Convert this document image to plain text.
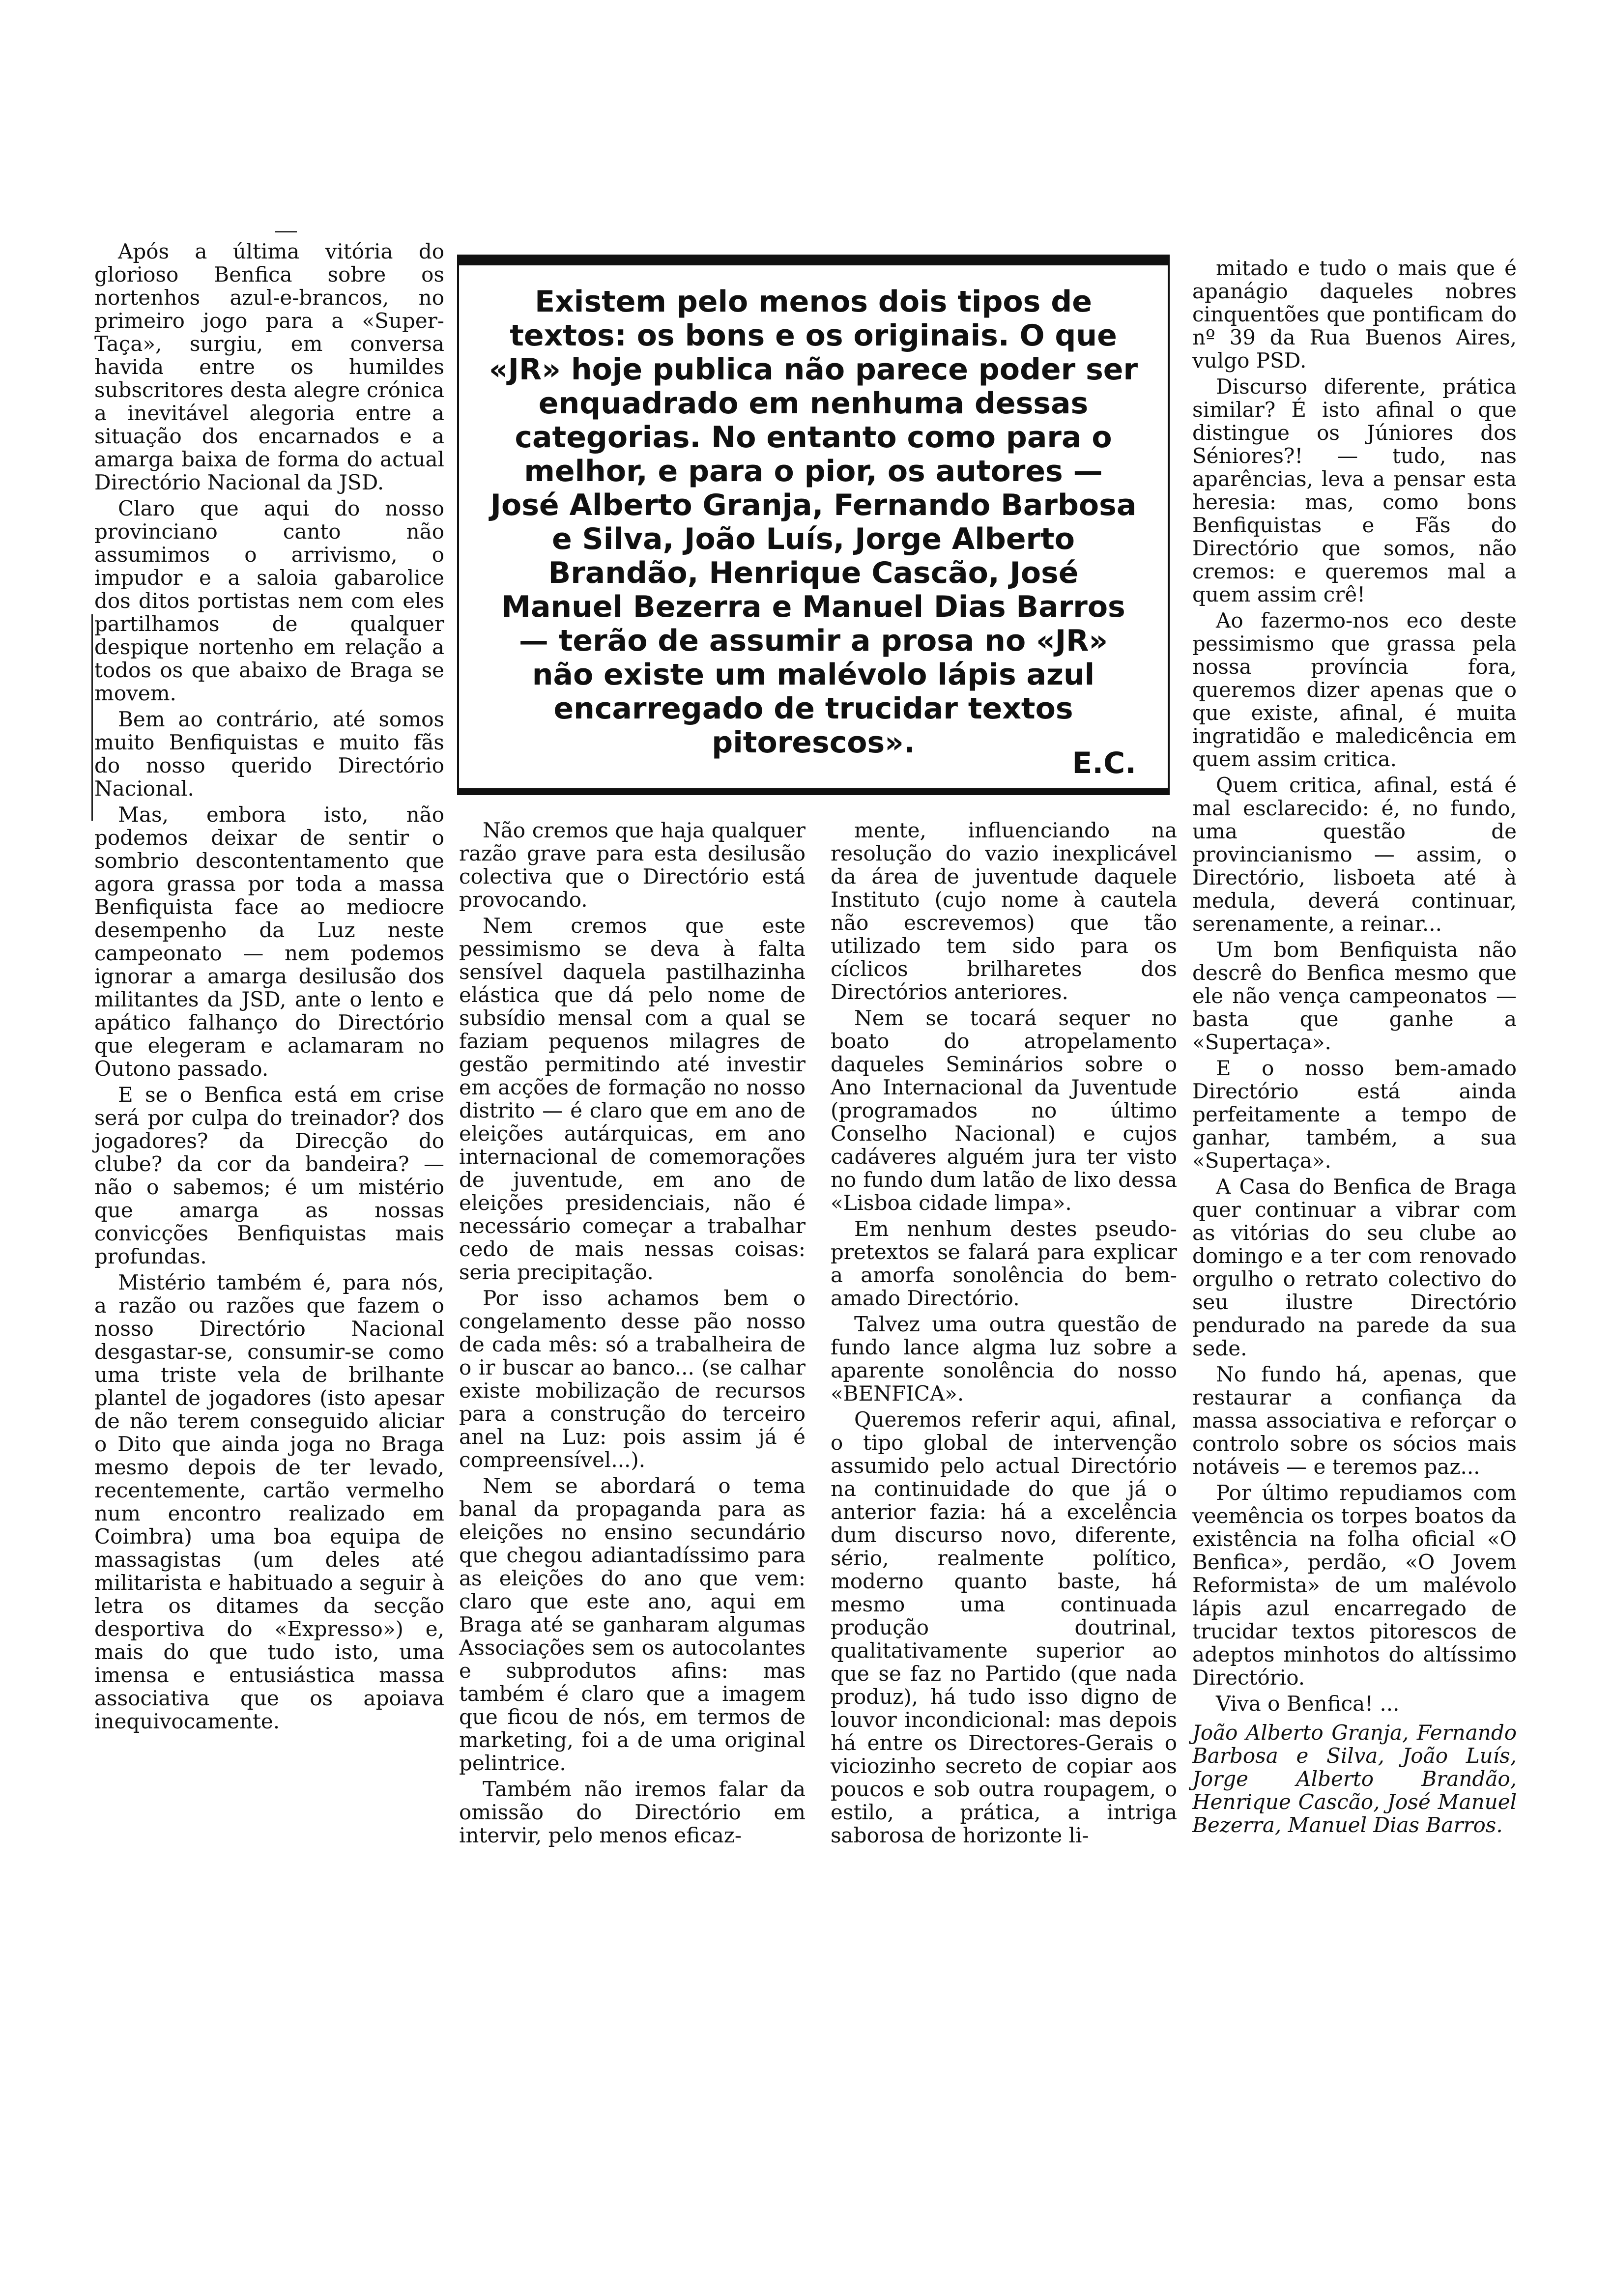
Existem pelo menos dois tipos de textos: os bons e os originais. O que «JR» hoje publica não parece poder ser enquadrado em nenhuma dessas categorias. No entanto como para o melhor, e para o pior, os autores — José Alberto Granja, Fernando Barbosa e Silva, João Luís, Jorge Alberto Brandão, Henrique Cascão, José Manuel Bezerra e Manuel Dias Barros — terão de assumir a prosa no «JR» não existe um malévolo lápis azul encarregado de trucidar textos pitorescos».

E.C.

Após a última vitória do glorioso Benfica sobre os nortenhos azul-e-brancos, no primeiro jogo para a «Super-Taça», surgiu, em conversa havida entre os humildes subscritores desta alegre crónica a inevitável alegoria entre a situação dos encarnados e a amarga baixa de forma do actual Directório Nacional da JSD.

Claro que aqui do nosso provinciano canto não assumimos o arrivismo, o impudor e a saloia gabarolice dos ditos portistas nem com eles partilhamos de qualquer despique nortenho em relação a todos os que abaixo de Braga se movem.

Bem ao contrário, até somos muito Benfiquistas e muito fãs do nosso querido Directório Nacional.

Mas, embora isto, não podemos deixar de sentir o sombrio descontentamento que agora grassa por toda a massa Benfiquista face ao mediocre desempenho da Luz neste campeonato — nem podemos ignorar a amarga desilusão dos militantes da JSD, ante o lento e apático falhanço do Directório que elegeram e aclamaram no Outono passado.

E se o Benfica está em crise será por culpa do treinador? dos jogadores? da Direcção do clube? da cor da bandeira? — não o sabemos; é um mistério que amarga as nossas convicções Benfiquistas mais profundas.

Mistério também é, para nós, a razão ou razões que fazem o nosso Directório Nacional desgastar-se, consumir-se como uma triste vela de brilhante plantel de jogadores (isto apesar de não terem conseguido aliciar o Dito que ainda joga no Braga mesmo depois de ter levado, recentemente, cartão vermelho num encontro realizado em Coimbra) uma boa equipa de massagistas (um deles até militarista e habituado a seguir à letra os ditames da secção desportiva do «Expresso») e, mais do que tudo isto, uma imensa e entusiástica massa associativa que os apoiava inequivocamente.

Não cremos que haja qualquer razão grave para esta desilusão colectiva que o Directório está provocando.

Nem cremos que este pessimismo se deva à falta sensível daquela pastilhazinha elástica que dá pelo nome de subsídio mensal com a qual se faziam pequenos milagres de gestão permitindo até investir em acções de formação no nosso distrito — é claro que em ano de eleições autárquicas, em ano internacional de comemorações de juventude, em ano de eleições presidenciais, não é necessário começar a trabalhar cedo de mais nessas coisas: seria precipitação.

Por isso achamos bem o congelamento desse pão nosso de cada mês: só a trabalheira de o ir buscar ao banco... (se calhar existe mobilização de recursos para a construção do terceiro anel na Luz: pois assim já é compreensível...).

Nem se abordará o tema banal da propaganda para as eleições no ensino secundário que chegou adiantadíssimo para as eleições do ano que vem: claro que este ano, aqui em Braga até se ganharam algumas Associações sem os autocolantes e subprodutos afins: mas também é claro que a imagem que ficou de nós, em termos de marketing, foi a de uma original pelintrice.

Também não iremos falar da omissão do Directório em intervir, pelo menos eficaz-

mente, influenciando na resolução do vazio inexplicável da área de juventude daquele Instituto (cujo nome à cautela não escrevemos) que tão utilizado tem sido para os cíclicos brilharetes dos Directórios anteriores.

Nem se tocará sequer no boato do atropelamento daqueles Seminários sobre o Ano Internacional da Juventude (programados no último Conselho Nacional) e cujos cadáveres alguém jura ter visto no fundo dum latão de lixo dessa «Lisboa cidade limpa».

Em nenhum destes pseudo-pretextos se falará para explicar a amorfa sonolência do bem-amado Directório.

Talvez uma outra questão de fundo lance algma luz sobre a aparente sonolência do nosso «BENFICA».

Queremos referir aqui, afinal, o tipo global de intervenção assumido pelo actual Directório na continuidade do que já o anterior fazia: há a excelência dum discurso novo, diferente, sério, realmente político, moderno quanto baste, há mesmo uma continuada produção doutrinal, qualitativamente superior ao que se faz no Partido (que nada produz), há tudo isso digno de louvor incondicional: mas depois há entre os Directores-Gerais o viciozinho secreto de copiar aos poucos e sob outra roupagem, o estilo, a prática, a intriga saborosa de horizonte li-

mitado e tudo o mais que é apanágio daqueles nobres cinquentões que pontificam do nº 39 da Rua Buenos Aires, vulgo PSD.

Discurso diferente, prática similar? É isto afinal o que distingue os Júniores dos Séniores?! — tudo, nas aparências, leva a pensar esta heresia: mas, como bons Benfiquistas e Fãs do Directório que somos, não cremos: e queremos mal a quem assim crê!

Ao fazermo-nos eco deste pessimismo que grassa pela nossa província fora, queremos dizer apenas que o que existe, afinal, é muita ingratidão e maledicência em quem assim critica.

Quem critica, afinal, está é mal esclarecido: é, no fundo, uma questão de provincianismo — assim, o Directório, lisboeta até à medula, deverá continuar, serenamente, a reinar...

Um bom Benfiquista não descrê do Benfica mesmo que ele não vença campeonatos — basta que ganhe a «Supertaça».

E o nosso bem-amado Directório está ainda perfeitamente a tempo de ganhar, também, a sua «Supertaça».

A Casa do Benfica de Braga quer continuar a vibrar com as vitórias do seu clube ao domingo e a ter com renovado orgulho o retrato colectivo do seu ilustre Directório pendurado na parede da sua sede.

No fundo há, apenas, que restaurar a confiança da massa associativa e reforçar o controlo sobre os sócios mais notáveis — e teremos paz...

Por último repudiamos com veemência os torpes boatos da existência na folha oficial «O Benfica», perdão, «O Jovem Reformista» de um malévolo lápis azul encarregado de trucidar textos pitorescos de adeptos minhotos do altíssimo Directório.

Viva o Benfica! ...

João Alberto Granja, Fernando Barbosa e Silva, João Luís, Jorge Alberto Brandão, Henrique Cascão, José Manuel Bezerra, Manuel Dias Barros.
